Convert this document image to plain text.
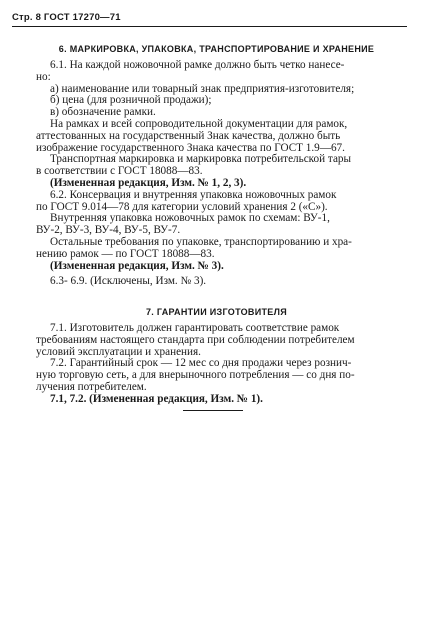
Стр. 8 ГОСТ 17270—71
6. МАРКИРОВКА, УПАКОВКА, ТРАНСПОРТИРОВАНИЕ И ХРАНЕНИЕ
6.1. На каждой ножовочной рамке должно быть четко нанесе-
но:
а) наименование или товарный знак предприятия-изготовителя;
б) цена (для розничной продажи);
в) обозначение рамки.
На рамках и всей сопроводительной документации для рамок,
аттестованных на государственный Знак качества, должно быть
изображение государственного Знака качества по ГОСТ 1.9—67.
Транспортная маркировка и маркировка потребительской тары
в соответствии с ГОСТ 18088—83.
(Измененная редакция, Изм. № 1, 2, 3).
6.2. Консервация и внутренняя упаковка ножовочных рамок
по ГОСТ 9.014—78 для категории условий хранения 2 («С»).
Внутренняя упаковка ножовочных рамок по схемам: ВУ-1,
ВУ-2, ВУ-3, ВУ-4, ВУ-5, ВУ-7.
Остальные требования по упаковке, транспортированию и хра-
нению рамок — по ГОСТ 18088—83.
(Измененная редакция, Изм. № 3).
6.3- 6.9. (Исключены, Изм. № 3).
7. ГАРАНТИИ ИЗГОТОВИТЕЛЯ
7.1. Изготовитель должен гарантировать соответствие рамок
требованиям настоящего стандарта при соблюдении потребителем
условий эксплуатации и хранения.
7.2. Гарантийный срок — 12 мес со дня продажи через рознич-
ную торговую сеть, а для внерыночного потребления — со дня по-
лучения потребителем.
7.1, 7.2. (Измененная редакция, Изм. № 1).
